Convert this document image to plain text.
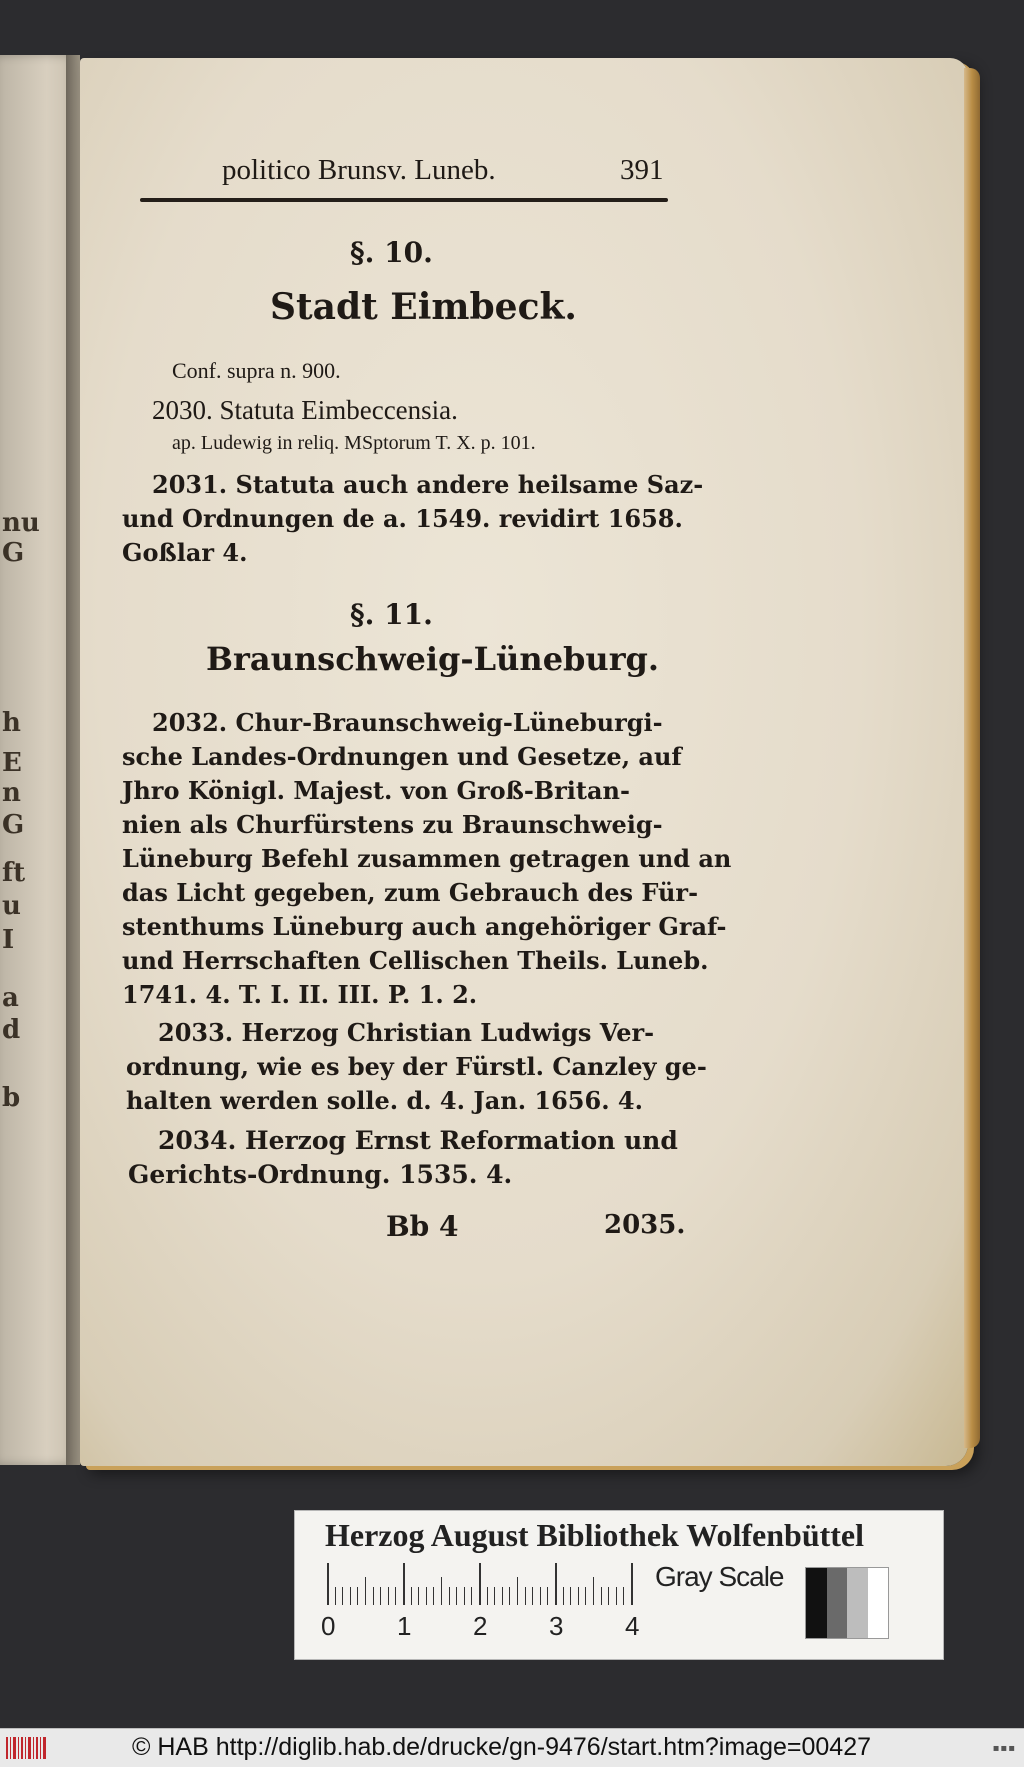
nu
G
h
E
n
G
ft
u
I
a
d
b
politico Brunsv. Luneb.	391
§. 10.
Stadt Eimbeck.
Conf. supra n. 900.
2030. Statuta Eimbeccensia.
ap. Ludewig in reliq. MSptorum T. X. p. 101.
2031. Statuta auch andere heilsame Saz-
und Ordnungen de a. 1549. revidirt 1658.
Goßlar 4.
§. 11.
Braunschweig-Lüneburg.
2032. Chur-Braunschweig-Lüneburgi-
sche Landes-Ordnungen und Gesetze, auf
Jhro Königl. Majest. von Groß-Britan-
nien als Churfürstens zu Braunschweig-
Lüneburg Befehl zusammen getragen und an
das Licht gegeben, zum Gebrauch des Für-
stenthums Lüneburg auch angehöriger Graf-
und Herrschaften Cellischen Theils. Luneb.
1741. 4. T. I. II. III. P. 1. 2.
2033. Herzog Christian Ludwigs Ver-
ordnung, wie es bey der Fürstl. Canzley ge-
halten werden solle. d. 4. Jan. 1656. 4.
2034. Herzog Ernst Reformation und
Gerichts-Ordnung. 1535. 4.
Bb 4	2035.
Herzog August Bibliothek Wolfenbüttel
0 1 2 3 4
Gray Scale
© HAB http://diglib.hab.de/drucke/gn-9476/start.htm?image=00427	▪▪▪
